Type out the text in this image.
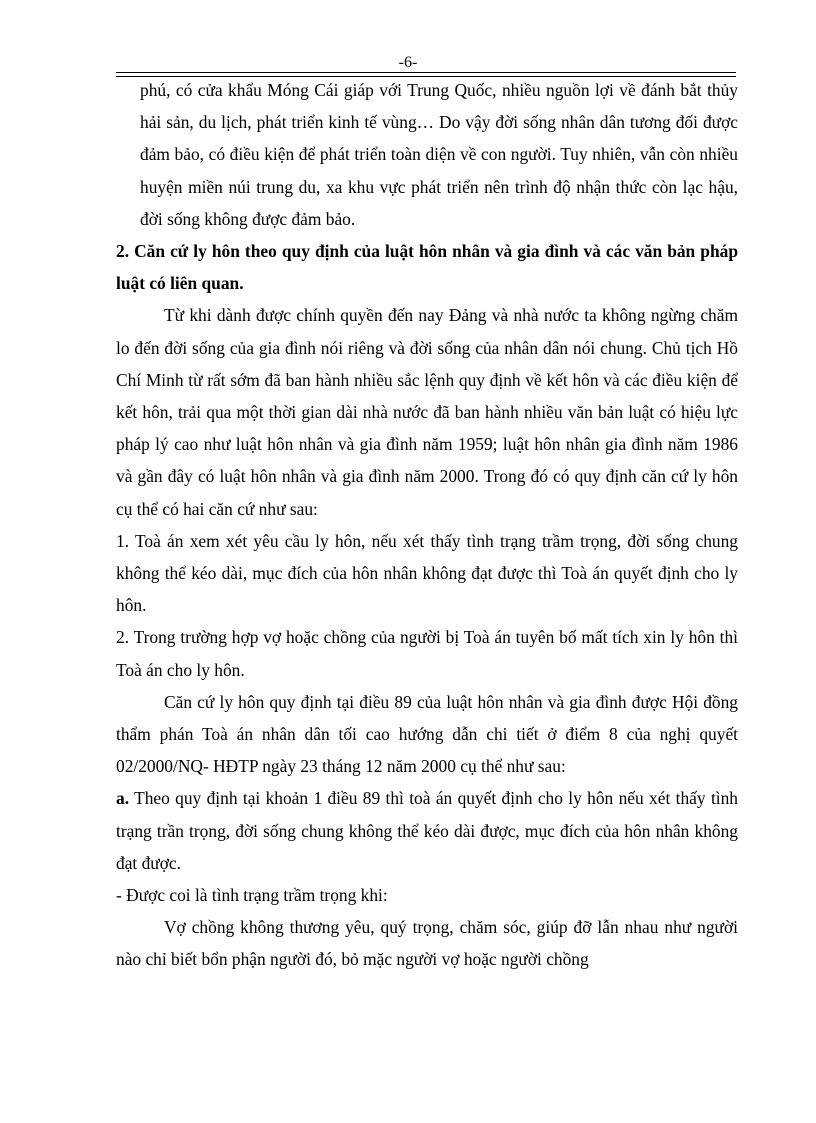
-6-

phú, có cửa khẩu Móng Cái giáp với Trung Quốc, nhiều nguồn lợi về đánh bắt thủy hải sản, du lịch, phát triển kinh tế vùng… Do vậy đời sống nhân dân tương đối được đảm bảo, có điều kiện để phát triển toàn diện về con người. Tuy nhiên, vẫn còn nhiều huyện miền núi trung du, xa khu vực phát triển nên trình độ nhận thức còn lạc hậu, đời sống không được đảm bảo.

2. Căn cứ ly hôn theo quy định của luật hôn nhân và gia đình và các văn bản pháp luật có liên quan.

Từ khi dành được chính quyền đến nay Đảng và nhà nước ta không ngừng chăm lo đến đời sống của gia đình nói riêng và đời sống của nhân dân nói chung. Chủ tịch Hồ Chí Minh từ rất sớm đã ban hành nhiều sắc lệnh quy định về kết hôn và các điều kiện để kết hôn, trải qua một thời gian dài nhà nước đã ban hành nhiều văn bản luật có hiệu lực pháp lý cao như luật hôn nhân và gia đình năm 1959; luật hôn nhân gia đình năm 1986 và gần đây có luật hôn nhân và gia đình năm 2000. Trong đó có quy định căn cứ ly hôn cụ thể có hai căn cứ như sau:

1. Toà án xem xét yêu cầu ly hôn, nếu xét thấy tình trạng trầm trọng, đời sống chung không thể kéo dài, mục đích của hôn nhân không đạt được thì Toà án quyết định cho ly hôn.

2. Trong trường hợp vợ hoặc chồng của người bị Toà án tuyên bố mất tích xin ly hôn thì Toà án cho ly hôn.

Căn cứ ly hôn quy định tại điều 89 của luật hôn nhân và gia đình được Hội đồng thẩm phán Toà án nhân dân tối cao hướng dẫn chi tiết ở điểm 8 của nghị quyết 02/2000/NQ- HĐTP ngày 23 tháng 12 năm 2000 cụ thể như sau:

a. Theo quy định tại khoản 1 điều 89 thì toà án quyết định cho ly hôn nếu xét thấy tình trạng trần trọng, đời sống chung không thể kéo dài được, mục đích của hôn nhân không đạt được.

- Được coi là tình trạng trầm trọng khi:

Vợ chồng không thương yêu, quý trọng, chăm sóc, giúp đỡ lẫn nhau như người nào chỉ biết bổn phận người đó, bỏ mặc người vợ hoặc người chồng
